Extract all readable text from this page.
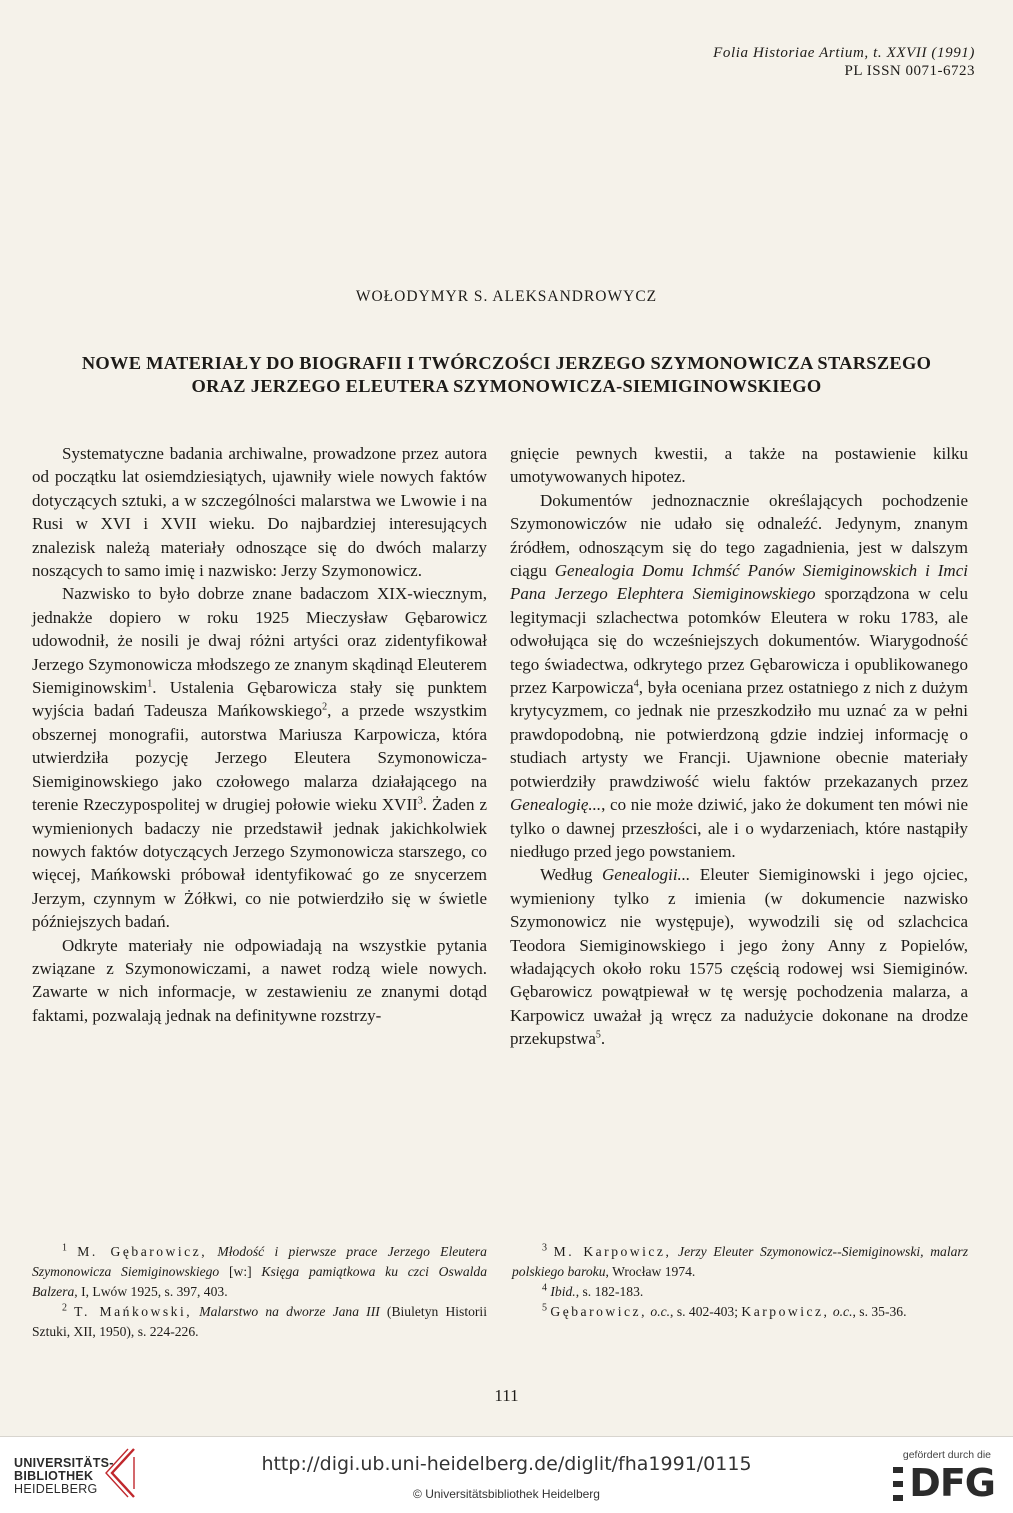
Folia Historiae Artium, t. XXVII (1991)
PL ISSN 0071-6723
WOŁODYMYR S. ALEKSANDROWYCZ
NOWE MATERIAŁY DO BIOGRAFII I TWÓRCZOŚCI JERZEGO SZYMONOWICZA STARSZEGO
ORAZ JERZEGO ELEUTERA SZYMONOWICZA-SIEMIGINOWSKIEGO

Systematyczne badania archiwalne, prowadzone przez autora od początku lat osiemdziesiątych, ujawniły wiele nowych faktów dotyczących sztuki, a w szczególności malarstwa we Lwowie i na Rusi w XVI i XVII wieku. Do najbardziej interesujących znalezisk należą materiały odnoszące się do dwóch malarzy noszących to samo imię i nazwisko: Jerzy Szymonowicz.

Nazwisko to było dobrze znane badaczom XIX-wiecznym, jednakże dopiero w roku 1925 Mieczysław Gębarowicz udowodnił, że nosili je dwaj różni artyści oraz zidentyfikował Jerzego Szymonowicza młodszego ze znanym skądinąd Eleuterem Siemiginowskim$^1$. Ustalenia Gębarowicza stały się punktem wyjścia badań Tadeusza Mańkowskiego$^2$, a przede wszystkim obszernej monografii, autorstwa Mariusza Karpowicza, która utwierdziła pozycję Jerzego Eleutera Szymonowicza-Siemiginowskiego jako czołowego malarza działającego na terenie Rzeczypospolitej w drugiej połowie wieku XVII$^3$. Żaden z wymienionych badaczy nie przedstawił jednak jakichkolwiek nowych faktów dotyczących Jerzego Szymonowicza starszego, co więcej, Mańkowski próbował identyfikować go ze snycerzem Jerzym, czynnym w Żółkwi, co nie potwierdziło się w świetle późniejszych badań.

Odkryte materiały nie odpowiadają na wszystkie pytania związane z Szymonowiczami, a nawet rodzą wiele nowych. Zawarte w nich informacje, w zestawieniu ze znanymi dotąd faktami, pozwalają jednak na definitywne rozstrzy-

gnięcie pewnych kwestii, a także na postawienie kilku umotywowanych hipotez.

Dokumentów jednoznacznie określających pochodzenie Szymonowiczów nie udało się odnaleźć. Jedynym, znanym źródłem, odnoszącym się do tego zagadnienia, jest w dalszym ciągu Genealogia Domu Ichmść Panów Siemiginowskich i Imci Pana Jerzego Elephtera Siemiginowskiego sporządzona w celu legitymacji szlachectwa potomków Eleutera w roku 1783, ale odwołująca się do wcześniejszych dokumentów. Wiarygodność tego świadectwa, odkrytego przez Gębarowicza i opublikowanego przez Karpowicza$^4$, była oceniana przez ostatniego z nich z dużym krytycyzmem, co jednak nie przeszkodziło mu uznać za w pełni prawdopodobną, nie potwierdzoną gdzie indziej informację o studiach artysty we Francji. Ujawnione obecnie materiały potwierdziły prawdziwość wielu faktów przekazanych przez Genealogię..., co nie może dziwić, jako że dokument ten mówi nie tylko o dawnej przeszłości, ale i o wydarzeniach, które nastąpiły niedługo przed jego powstaniem.

Według Genealogii... Eleuter Siemiginowski i jego ojciec, wymieniony tylko z imienia (w dokumencie nazwisko Szymonowicz nie występuje), wywodzili się od szlachcica Teodora Siemiginowskiego i jego żony Anny z Popielów, władających około roku 1575 częścią rodowej wsi Siemiginów. Gębarowicz powątpiewał w tę wersję pochodzenia malarza, a Karpowicz uważał ją wręcz za nadużycie dokonane na drodze przekupstwa$^5$.

$^1$ M. Gębarowicz, Młodość i pierwsze prace Jerzego Eleutera Szymonowicza Siemiginowskiego [w:] Księga pamiątkowa ku czci Oswalda Balzera, I, Lwów 1925, s. 397, 403.

$^2$ T. Mańkowski, Malarstwo na dworze Jana III (Biuletyn Historii Sztuki, XII, 1950), s. 224-226.

$^3$ M. Karpowicz, Jerzy Eleuter Szymonowicz--Siemiginowski, malarz polskiego baroku, Wrocław 1974.

$^4$ Ibid., s. 182-183.

$^5$ Gębarowicz, o.c., s. 402-403; Karpowicz, o.c., s. 35-36.

111
UNIVERSITÄTS-
BIBLIOTHEK
HEIDELBERG
http://digi.ub.uni-heidelberg.de/diglit/fha1991/0115
© Universitätsbibliothek Heidelberg
gefördert durch die
DFG
